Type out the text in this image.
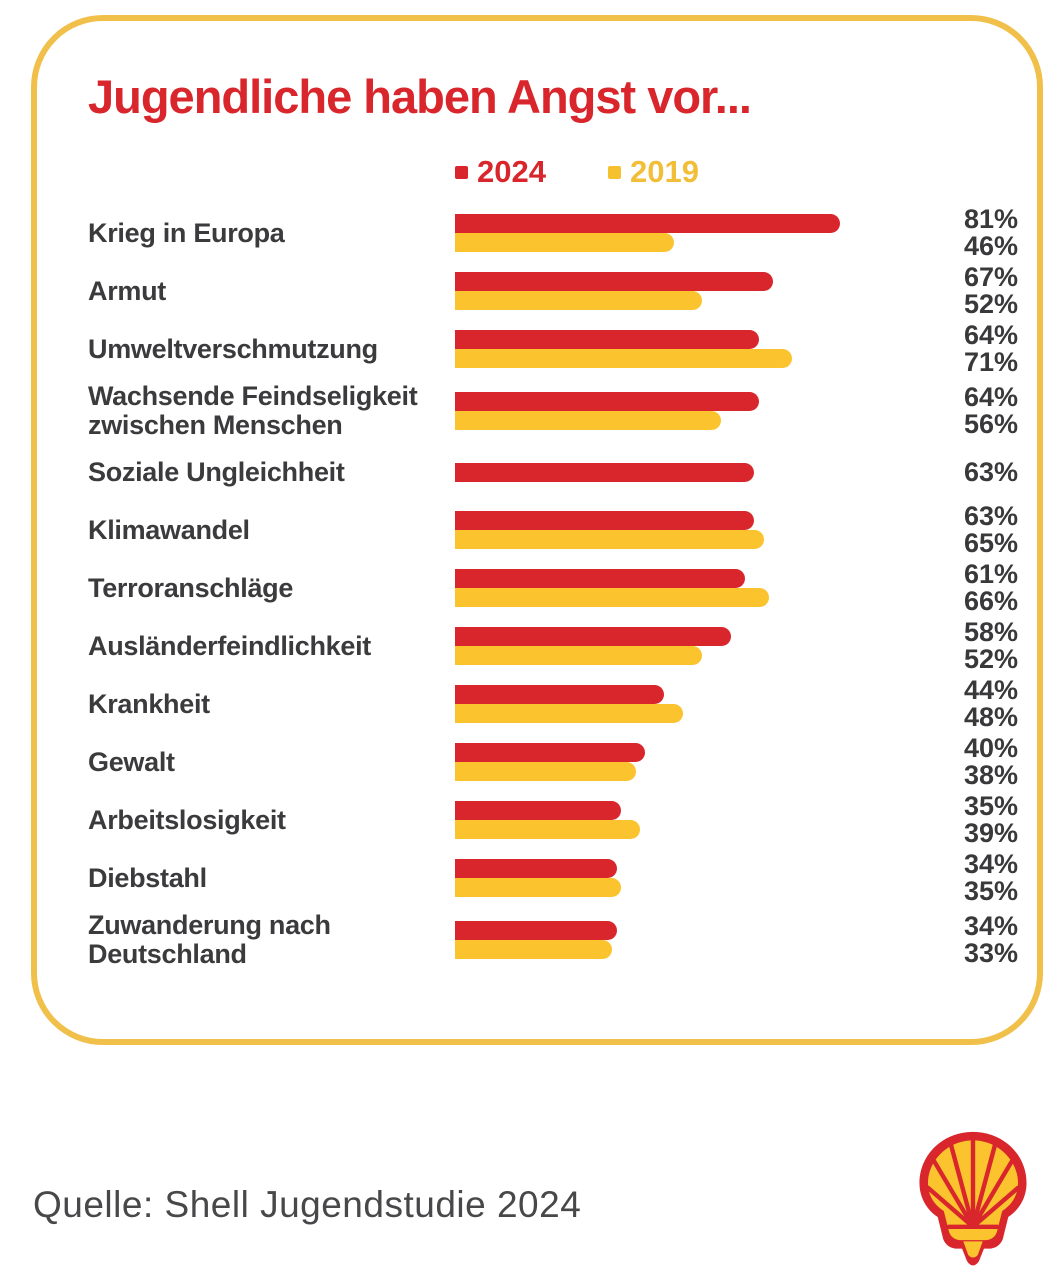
Jugendliche haben Angst vor...
2024	2019
Krieg in Europa	81%
46%
Armut	67%
52%
Umweltverschmutzung	64%
71%
Wachsende Feindseligkeit
zwischen Menschen
64%
56%
Soziale Ungleichheit	63%
Klimawandel	63%
65%
Terroranschläge	61%
66%
Ausländerfeindlichkeit	58%
52%
Krankheit	44%
48%
Gewalt	40%
38%
Arbeitslosigkeit	35%
39%
Diebstahl	34%
35%
Zuwanderung nach
Deutschland
34%
33%
Quelle: Shell Jugendstudie 2024
